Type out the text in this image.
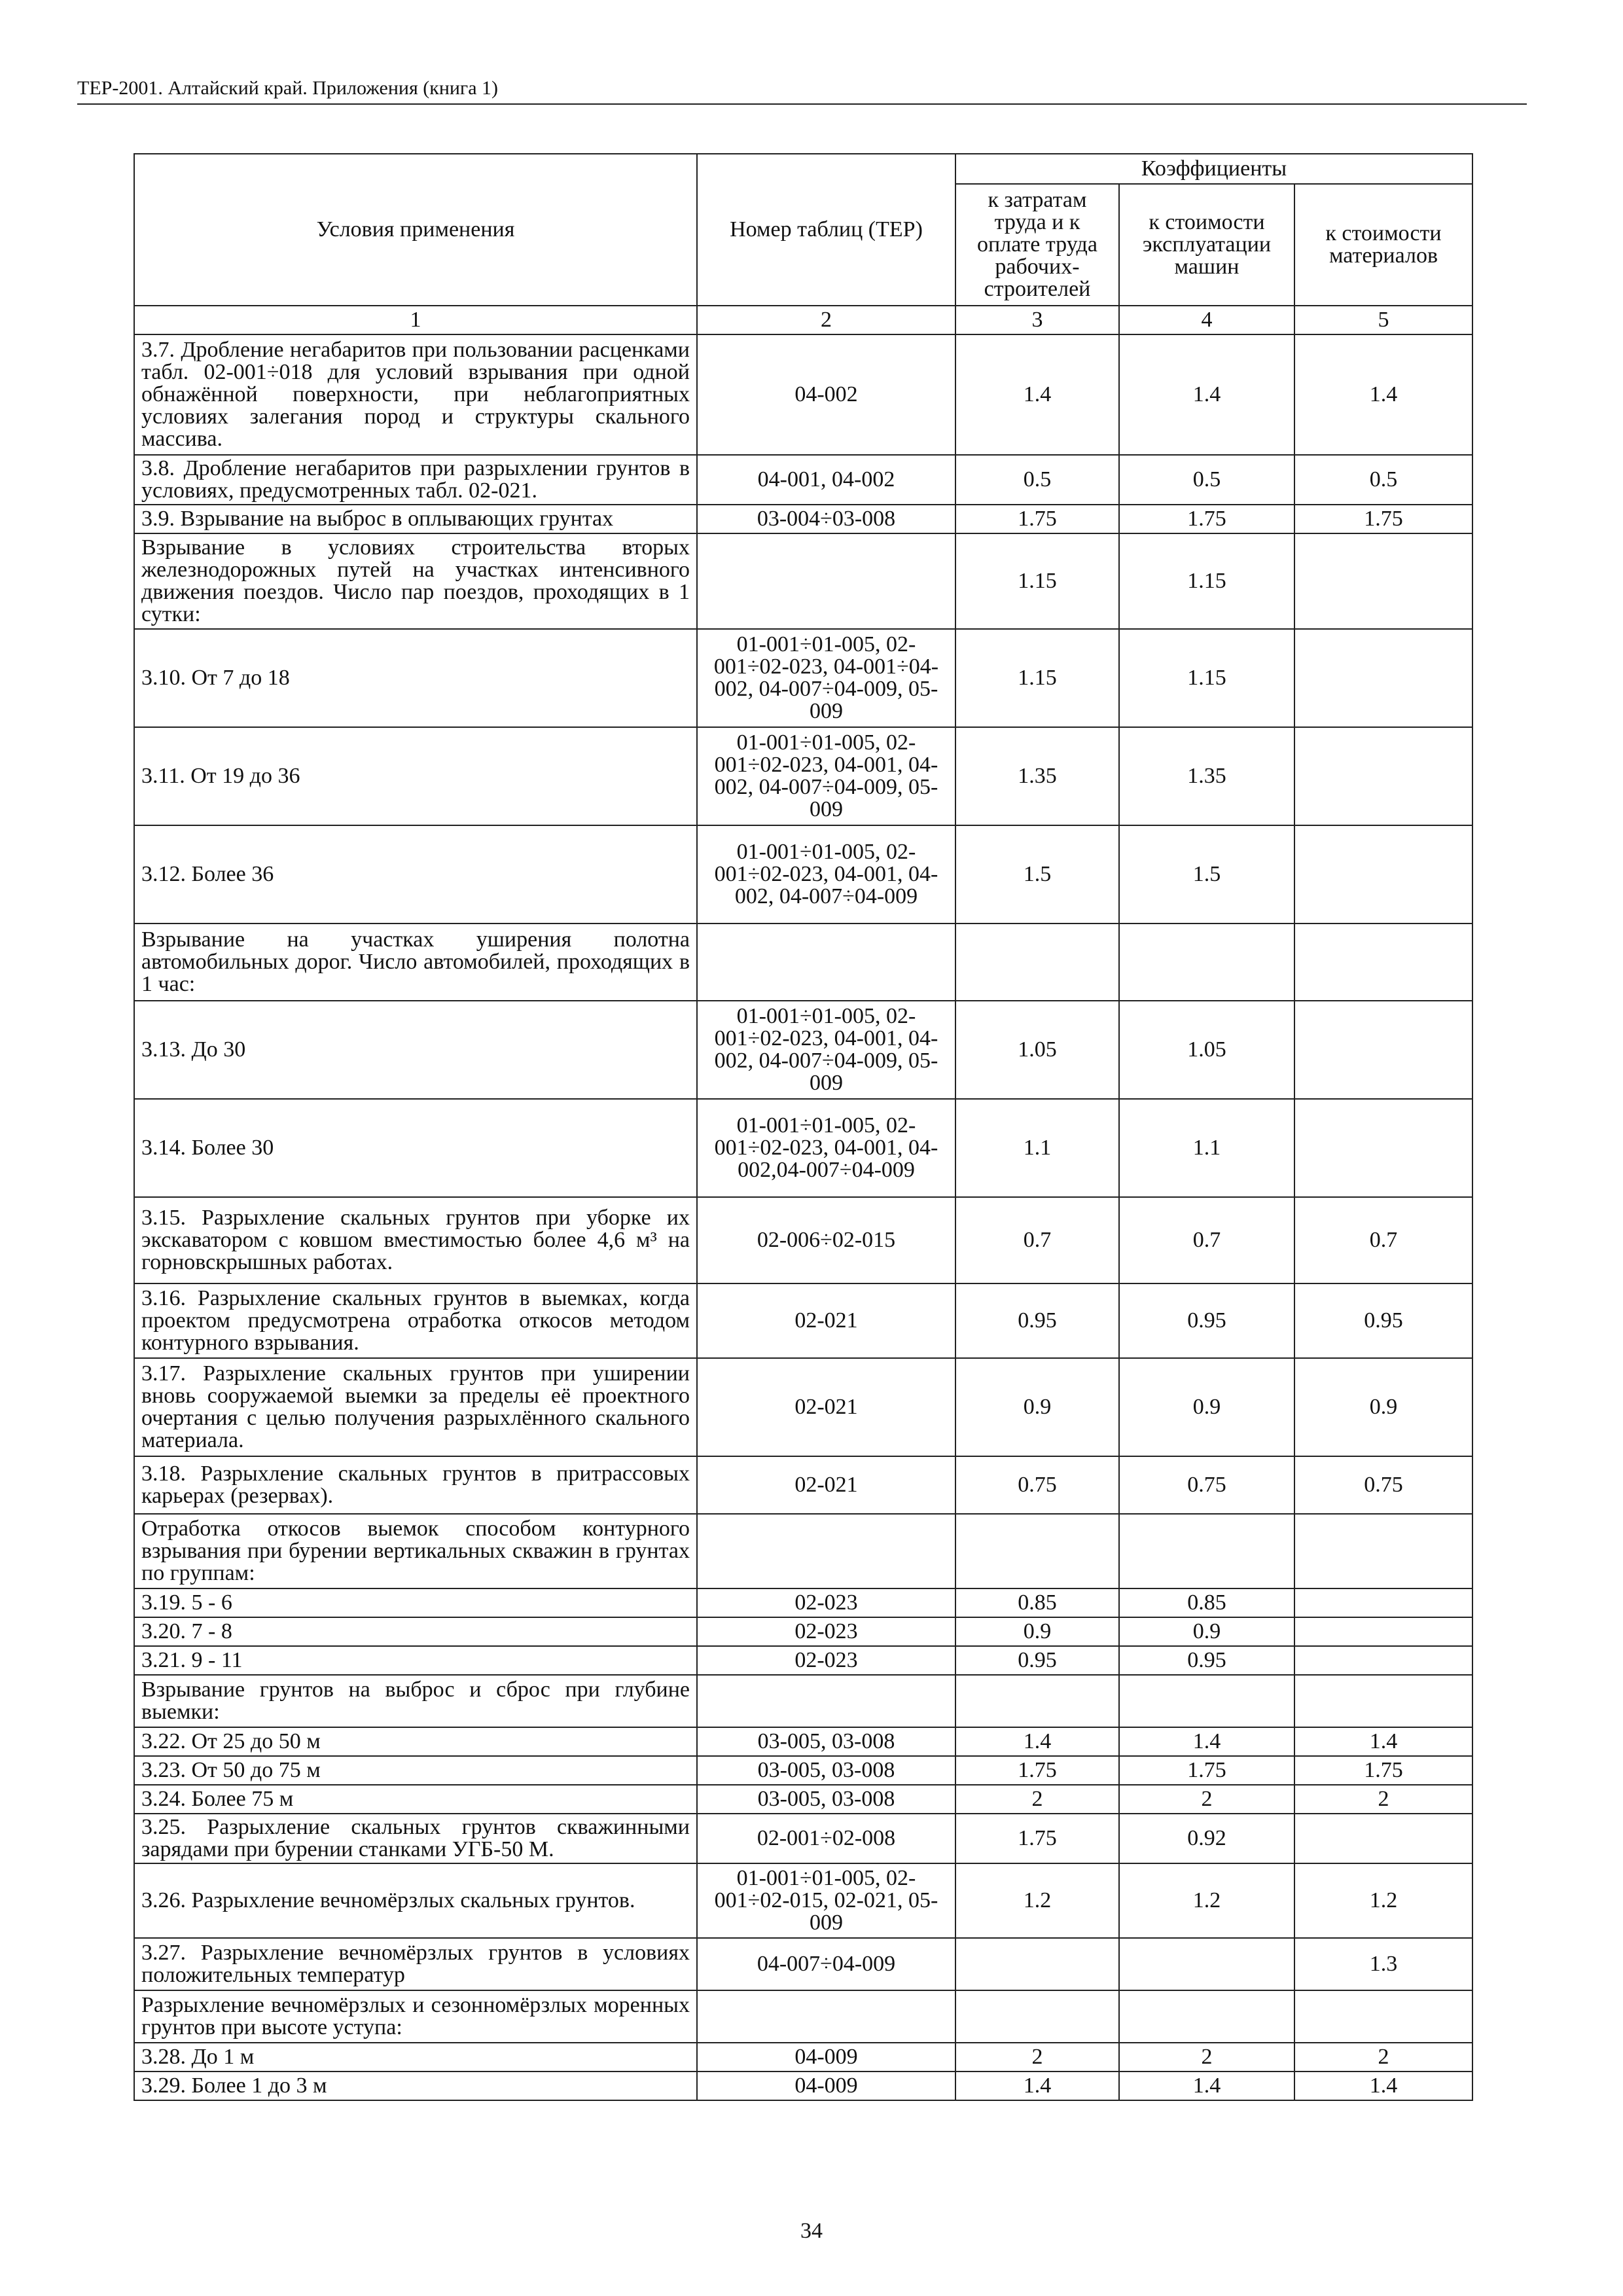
ТЕР-2001. Алтайский край. Приложения (книга 1)
Условия применения	Номер таблиц (ТЕР)	Коэффициенты		
		к затратам труда и к оплате труда рабочих-строителей	к стоимости эксплуатации машин	к стоимости материалов
1	2	3	4	5
3.7. Дробление негабаритов при пользовании расценками табл. 02-001÷018 для условий взрывания при одной обнажённой поверхности, при неблагоприятных условиях залегания пород и структуры скального массива.	04-002	1.4	1.4	1.4
3.8. Дробление негабаритов при разрыхлении грунтов в условиях, предусмотренных табл. 02-021.	04-001, 04-002	0.5	0.5	0.5
3.9. Взрывание на выброс в оплывающих грунтах	03-004÷03-008	1.75	1.75	1.75
Взрывание в условиях строительства вторых железнодорожных путей на участках интенсивного движения поездов. Число пар поездов, проходящих в 1 сутки:		1.15	1.15	
3.10. От 7 до 18	01-001÷01-005, 02-001÷02-023, 04-001÷04-002, 04-007÷04-009, 05-009	1.15	1.15	
3.11. От 19 до 36	01-001÷01-005, 02-001÷02-023, 04-001, 04-002, 04-007÷04-009, 05-009	1.35	1.35	
3.12. Более 36	01-001÷01-005, 02-001÷02-023, 04-001, 04-002, 04-007÷04-009	1.5	1.5	
Взрывание на участках уширения полотна автомобильных дорог. Число автомобилей, проходящих в 1 час:				
3.13. До 30	01-001÷01-005, 02-001÷02-023, 04-001, 04-002, 04-007÷04-009, 05-009	1.05	1.05	
3.14. Более 30	01-001÷01-005, 02-001÷02-023, 04-001, 04-002,04-007÷04-009	1.1	1.1	
3.15. Разрыхление скальных грунтов при уборке их экскаватором с ковшом вместимостью более 4,6 м³ на горновскрышных работах.	02-006÷02-015	0.7	0.7	0.7
3.16. Разрыхление скальных грунтов в выемках, когда проектом предусмотрена отработка откосов методом контурного взрывания.	02-021	0.95	0.95	0.95
3.17. Разрыхление скальных грунтов при уширении вновь сооружаемой выемки за пределы её проектного очертания с целью получения разрыхлённого скального материала.	02-021	0.9	0.9	0.9
3.18. Разрыхление скальных грунтов в притрассовых карьерах (резервах).	02-021	0.75	0.75	0.75
Отработка откосов выемок способом контурного взрывания при бурении вертикальных скважин в грунтах по группам:				
3.19. 5 - 6	02-023	0.85	0.85	
3.20. 7 - 8	02-023	0.9	0.9	
3.21. 9 - 11	02-023	0.95	0.95	
Взрывание грунтов на выброс и сброс при глубине выемки:				
3.22. От 25 до 50 м	03-005, 03-008	1.4	1.4	1.4
3.23. От 50 до 75 м	03-005, 03-008	1.75	1.75	1.75
3.24. Более 75 м	03-005, 03-008	2	2	2
3.25. Разрыхление скальных грунтов скважинными зарядами при бурении станками УГБ-50 М.	02-001÷02-008	1.75	0.92	
3.26. Разрыхление вечномёрзлых скальных грунтов.	01-001÷01-005, 02-001÷02-015, 02-021, 05-009	1.2	1.2	1.2
3.27. Разрыхление вечномёрзлых грунтов в условиях положительных температур	04-007÷04-009			1.3
Разрыхление вечномёрзлых и сезонномёрзлых моренных грунтов при высоте уступа:				
3.28. До 1 м	04-009	2	2	2
3.29. Более 1 до 3 м	04-009	1.4	1.4	1.4
34
